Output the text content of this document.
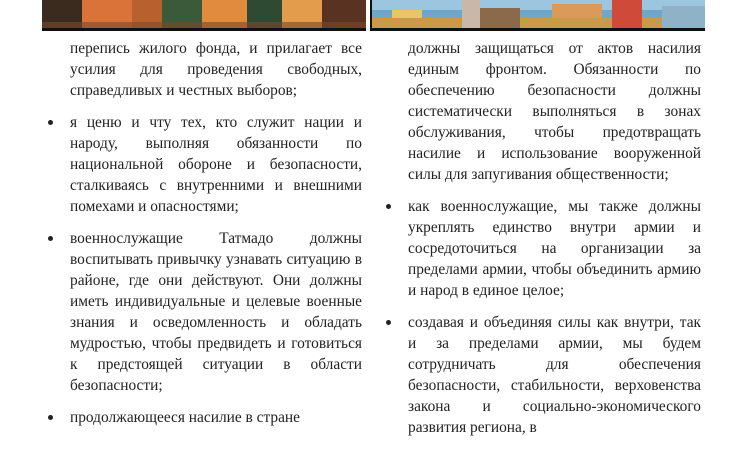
перепись жилого фонда, и прилагает все усилия для проведения свободных, справедливых и честных выборов;

я ценю и чту тех, кто служит нации и народу, выполняя обязанности по национальной обороне и безопасности, сталкиваясь с внутренними и внешними помехами и опасностями;

военнослужащие Татмадо должны воспитывать привычку узнавать ситуацию в районе, где они действуют. Они должны иметь индивидуальные и целевые военные знания и осведомленность и обладать мудростью, чтобы предвидеть и готовиться к предстоящей ситуации в области безопасности;

продолжающееся насилие в стране

должны защищаться от актов насилия единым фронтом. Обязанности по обеспечению безопасности должны систематически выполняться в зонах обслуживания, чтобы предотвращать насилие и использование вооруженной силы для запугивания общественности;

как военнослужащие, мы также должны укреплять единство внутри армии и сосредоточиться на организации за пределами армии, чтобы объединить армию и народ в единое целое;

создавая и объединяя силы как внутри, так и за пределами армии, мы будем сотрудничать для обеспечения безопасности, стабильности, верховенства закона и социально-экономического развития региона, в
